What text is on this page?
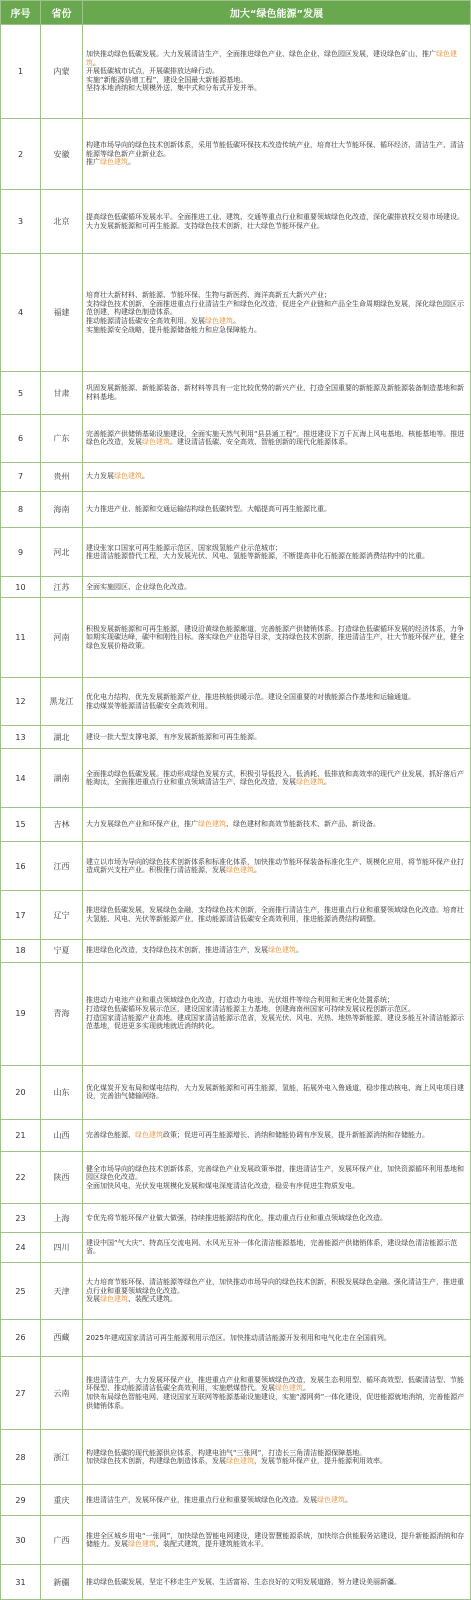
序号	省份	加大“绿色能源”发展
1	内蒙	加快推动绿色低碳发展。大力发展清洁生产，全面推进绿色产业、绿色企业、绿色园区发展，建设绿色矿山，推广绿色建筑。
开展低碳城市试点，开展碳排放达峰行动。
实施“新能源倍增工程”，建设全国最大新能源基地。
坚持本地消纳和大规模外送、集中式和分布式开发并举。

2	安徽	构建市场导向的绿色技术创新体系，采用节能低碳环保技术改造传统产业，培育壮大节能环保、循环经济、清洁生产、清洁能源等绿色新产业新业态。
推广绿色建筑。

3	北京	提高绿色低碳循环发展水平。全面推进工业、建筑、交通等重点行业和重要领域绿色化改造，深化碳排放权交易市场建设。大力发展新能源和可再生能源。支持绿色技术创新，壮大绿色节能环保产业。

4	福建	培育壮大新材料、新能源、节能环保、生物与新医药、海洋高新五大新兴产业；
支持绿色技术创新，全面推进重点行业清洁生产和绿色化改造，促进全产业链和产品全生命周期绿色发展，深化绿色园区示范创建，构建绿色制造体系。
推动能源清洁低碳安全高效利用。发展绿色建筑。
实施能源安全战略，提升能源储备能力和应急保障能力。

5	甘肃	巩固发展新能源、新能源装备、新材料等具有一定比较优势的新兴产业，打造全国重要的新能源及新能源装备制造基地和新材料基地。

6	广东	完善能源产供储销基础设施建设，全面实施天然气利用“县县通工程”。推进建设下万千瓦海上风电基地、核能基地等。推进绿色化改造，发展绿色建筑。建设清洁低碳、安全高效、智能创新的现代化能源体系。

7	贵州	大力发展绿色建筑。

8	海南	大力推进产业、能源和交通运输结构绿色低碳转型。大幅提高可再生能源比重。

9	河北	建设张家口国家可再生能源示范区，国家级氢能产业示范城市；
推进清洁能源替代工程，大力发展光伏、风电、氢能等新能源，不断提高非化石能源在能源消费结构中的比重。

10	江苏	全面实施园区、企业绿色化改造。

11	河南	积极发展新能源和可再生能源，建设沿黄绿色能源廊道，完善能源产供储销体系。打造绿色低碳循环发展的经济体系，力争如期实现碳达峰，碳中和刚性目标。落实绿色产业指导目录，支持绿色技术创新，推进清洁生产，壮大节能环保产业，健全绿色发展价格政策。

12	黑龙江	优化电力结构，优先发展新能源产业，推进核能供暖示范。建设全国重要的对俄能源合作基地和运输通道。
推动煤炭等能源清洁低碳安全高效利用。

13	湖北	建设一批大型支撑电源，有序发展新能源和可再生能源。

14	湖南	全面推动绿色低碳发展。推动形成绿色发展方式，积极引导低投入、低消耗、低排放和高效率的现代产业发展，抓好落后产能淘汰，全面推进重点行业和重点领域清洁生产、绿色化改造，发展绿色建筑。

15	吉林	大力发展绿色产业和环保产业，推广绿色建筑、绿色建材和高效节能新技术、新产品、新设备。

16	江西	建立以市场为导向的绿色技术创新体系和标准化体系，加快推动节能环保装备标准化生产、规模化应用，将节能环保产业打造成新兴支柱产业。积极推行清洁能源，发展绿色建筑。

17	辽宁	推进绿色低碳发展，发展绿色金融，支持绿色技术创新，全面推行清洁生产，推进重点行业和重要领域绿色化改造。培育壮大氢能、风电、光伏等新能源产业，推动能源清洁低碳安全高效利用，推进能源消费结构调整。

18	宁夏	推进绿色化改造，支持绿色技术创新，推进清洁生产，发展绿色建筑。

19	青海	推进动力电池产业和重点领域绿色化改造，打造动力电池、光伏组件等综合利用和无害化处置系统；
打造绿色低碳循环发展示范区，建设国家清洁能源主力基地，创建海南州国家可持续发展议程创新示范区。
打造国家清洁能源产业高地。建成国家清洁能源示范省，发展光伏、风电、光热、地热等新能源，建设多能互补清洁能源示范基地，促进更多实现就地就近消纳转化。

20	山东	优化煤炭开发布局和煤电结构，大力发展新能源和可再生能源，氢能，拓展外电入鲁通道，稳步推动核电、海上风电项目建设，完善油气储输网络。

21	山西	完善绿色能源、绿色建筑政策；促进可再生能源增长、消纳和储能协调有序发展，提升新能源消纳和存储能力。

22	陕西	健全市场导向的绿色技术创新体系，完善绿色产业发展政策举措，推进清洁生产，发展环保产业，加快资源循环利用基地和园区绿色化改造。
全面加快风电、光伏发电规模化发展和煤电深度清洁化改造，稳妥有序促进生物质发电。

23	上海	专优先将节能环保产业做大做强，持续推进能源结构优化，推动重点行业和重点领域绿色化改造。

24	四川	建设中国“气大庆”、特高压交流电网、水风光互补一体化清洁能源基地，完善能源产供储销体系，建设绿色清洁能源示范省。

25	天津	大力培育节能环保、清洁能源等绿色产业，加快推动市场导向的绿色技术创新，积极发展绿色金融。强化清洁生产，推进重点行业和重要领域绿色化改造。
发展绿色建筑、装配式建筑。

26	西藏	2025年建成国家清洁可再生能源利用示范区。加快推动清洁能源开发利用和电气化走在全国前列。

27	云南	推进清洁生产，大力发展环保产业，推进重点产业和重要领域绿色改造，发展生态利用型、循环高效型、低碳清洁型、节能环保型、推动能源清洁低碳全高效利用，实施燃煤替代。发展绿色建筑。
加快布局绿色智能电网、建设国家互联网等能源基础设施建设，实施“源网荷”一体化建设，促进能源就地消纳，完善能源产供储销体系。

28	浙江	构建绿色低碳的现代能源供应体系，构建电油气“三张网”，打造长三角清洁能源保障基地。
加快绿色技术创新，构建绿色制造体系，发展绿色建筑，发展节能环保产业，提升能源利用效率。

29	重庆	推进清洁生产，发展环保产业，推进重点行业和重要领域绿色化改造。发展绿色建筑。

30	广西	推进全区城乡用电“一张网”，加快绿色智能电网建设，建设智慧能源系统，加快综合供能服务站建设，提升新能源消纳和存储能力。发展绿色建筑、装配式建筑，提升建筑能效水平。

31	新疆	推动绿色低碳发展，坚定不移走生产发展、生活富裕、生态良好的文明发展道路，努力建设美丽新疆。
